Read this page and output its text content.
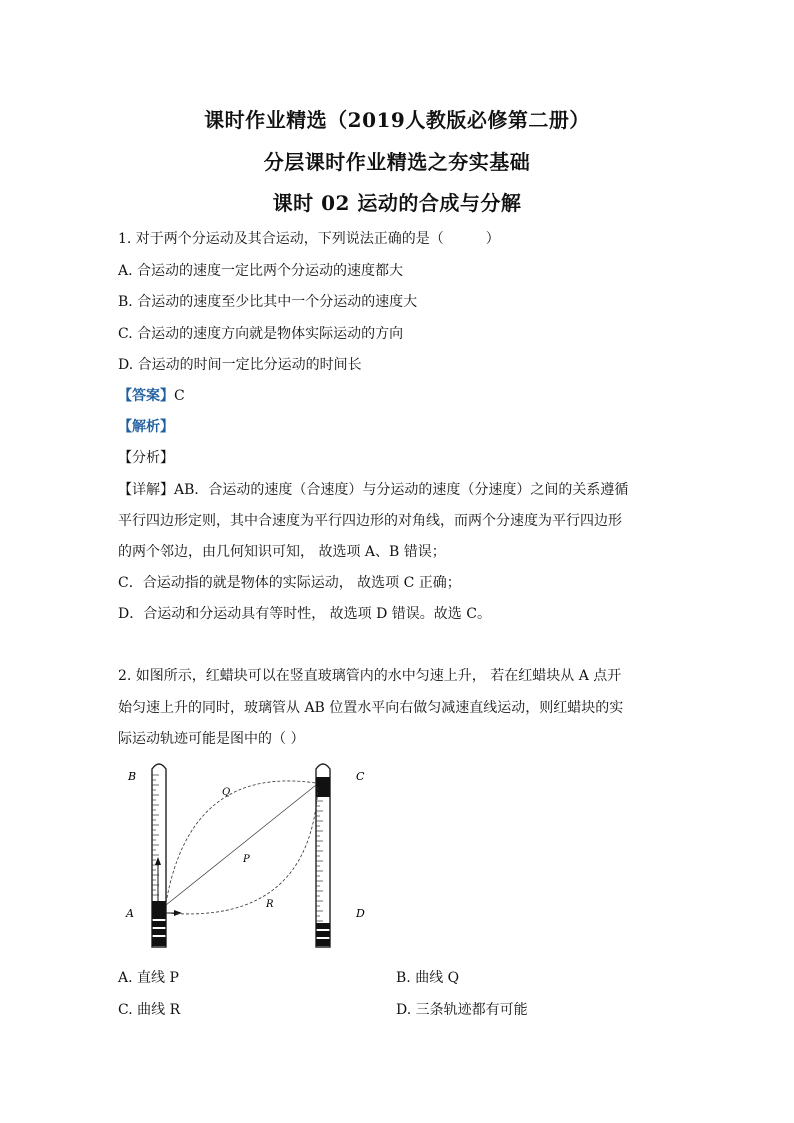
课时作业精选（2019人教版必修第二册）
分层课时作业精选之夯实基础
课时 02 运动的合成与分解
1. 对于两个分运动及其合运动，下列说法正确的是（　　　）
A. 合运动的速度一定比两个分运动的速度都大
B. 合运动的速度至少比其中一个分运动的速度大
C. 合运动的速度方向就是物体实际运动的方向
D. 合运动的时间一定比分运动的时间长
【答案】C
【解析】
【分析】
【详解】AB．合运动的速度（合速度）与分运动的速度（分速度）之间的关系遵循
平行四边形定则，其中合速度为平行四边形的对角线，而两个分速度为平行四边形
的两个邻边，由几何知识可知， 故选项 A、B 错误；
C．合运动指的就是物体的实际运动， 故选项 C 正确；
D．合运动和分运动具有等时性， 故选项 D 错误。故选 C。
2. 如图所示，红蜡块可以在竖直玻璃管内的水中匀速上升， 若在红蜡块从 A 点开
始匀速上升的同时，玻璃管从 AB 位置水平向右做匀减速直线运动，则红蜡块的实
际运动轨迹可能是图中的（ ）
B
A
C
D
Q
P
R
A. 直线 P	B. 曲线 Q
C. 曲线 R	D. 三条轨迹都有可能
